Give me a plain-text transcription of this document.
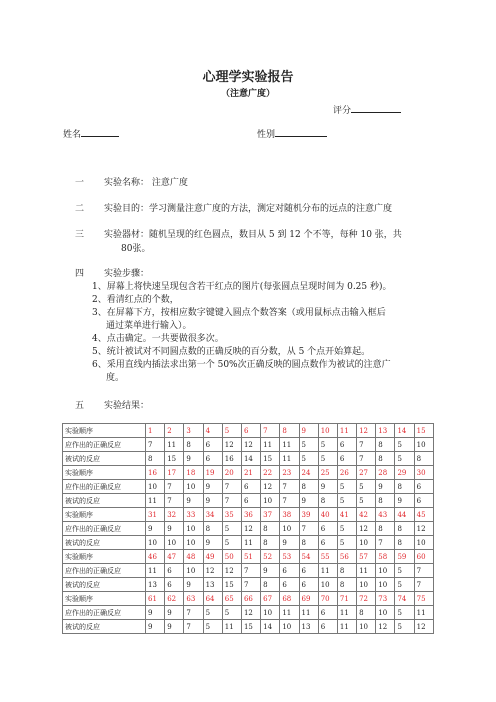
心理学实验报告
（注意广度）
评分
姓名	性别
一 实验名称： 注意广度
二 实验目的：学习测量注意广度的方法，测定对随机分布的远点的注意广度
三 实验器材：随机呈现的红色圆点，数目从 5 到 12 个不等，每种 10 张，共
80张。
四 实验步骤：
1、屏幕上将快速呈现包含若干红点的图片(每张圆点呈现时间为 0.25 秒)。
2、看清红点的个数，
3、在屏幕下方，按相应数字键键入圆点个数答案（或用鼠标点击输入框后
通过菜单进行输入）。
4、点击确定。一共要做很多次。
5、统计被试对不同圆点数的正确反映的百分数，从 5 个点开始算起。
6、采用直线内插法求出第一个 50%次正确反映的圆点数作为被试的注意广
度。
五 实验结果：
实验顺序	1	2	3	4	5	6	7	8	9	10	11	12	13	14	15
应作出的正确反应	7	11	8	6	12	12	11	11	5	5	6	7	8	5	10
被试的反应	8	15	9	6	16	14	15	11	5	5	6	7	8	5	8
实验顺序	16	17	18	19	20	21	22	23	24	25	26	27	28	29	30
应作出的正确反应	10	7	10	9	7	6	12	7	8	9	5	5	9	8	6
被试的反应	11	7	9	9	7	6	10	7	9	8	5	5	8	9	6
实验顺序	31	32	33	34	35	36	37	38	39	40	41	42	43	44	45
应作出的正确反应	9	9	10	8	5	12	8	10	7	6	5	12	8	8	12
被试的反应	10	10	10	9	5	11	8	9	8	6	5	10	7	8	10
实验顺序	46	47	48	49	50	51	52	53	54	55	56	57	58	59	60
应作出的正确反应	11	6	10	12	12	7	9	6	6	11	8	11	10	5	7
被试的反应	13	6	9	13	15	7	8	6	6	10	8	10	10	5	7
实验顺序	61	62	63	64	65	66	67	68	69	70	71	72	73	74	75
应作出的正确反应	9	9	7	5	5	12	10	11	11	6	11	8	10	5	11
被试的反应	9	9	7	5	11	15	14	10	13	6	11	10	12	5	12
